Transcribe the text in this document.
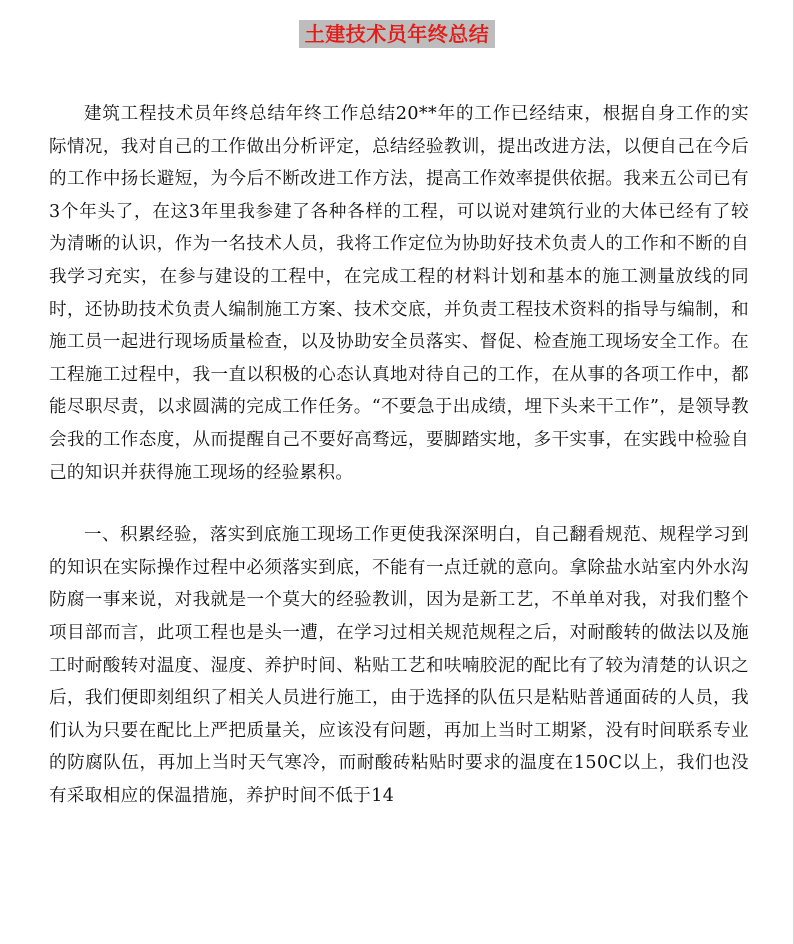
土建技术员年终总结

建筑工程技术员年终总结年终工作总结20**年的工作已经结束，根据自身工作的实际情况，我对自己的工作做出分析评定，总结经验教训，提出改进方法，以便自己在今后的工作中扬长避短，为今后不断改进工作方法，提高工作效率提供依据。我来五公司已有3个年头了，在这3年里我参建了各种各样的工程，可以说对建筑行业的大体已经有了较为清晰的认识，作为一名技术人员，我将工作定位为协助好技术负责人的工作和不断的自我学习充实，在参与建设的工程中，在完成工程的材料计划和基本的施工测量放线的同时，还协助技术负责人编制施工方案、技术交底，并负责工程技术资料的指导与编制，和施工员一起进行现场质量检查，以及协助安全员落实、督促、检查施工现场安全工作。在工程施工过程中，我一直以积极的心态认真地对待自己的工作，在从事的各项工作中，都能尽职尽责，以求圆满的完成工作任务。“不要急于出成绩，埋下头来干工作”，是领导教会我的工作态度，从而提醒自己不要好高骛远，要脚踏实地，多干实事，在实践中检验自己的知识并获得施工现场的经验累积。

一、积累经验，落实到底施工现场工作更使我深深明白，自己翻看规范、规程学习到的知识在实际操作过程中必须落实到底，不能有一点迁就的意向。拿除盐水站室内外水沟防腐一事来说，对我就是一个莫大的经验教训，因为是新工艺，不单单对我，对我们整个项目部而言，此项工程也是头一遭，在学习过相关规范规程之后，对耐酸转的做法以及施工时耐酸转对温度、湿度、养护时间、粘贴工艺和呋喃胶泥的配比有了较为清楚的认识之后，我们便即刻组织了相关人员进行施工，由于选择的队伍只是粘贴普通面砖的人员，我们认为只要在配比上严把质量关，应该没有问题，再加上当时工期紧，没有时间联系专业的防腐队伍，再加上当时天气寒冷，而耐酸砖粘贴时要求的温度在150C以上，我们也没有采取相应的保温措施，养护时间不低于14
